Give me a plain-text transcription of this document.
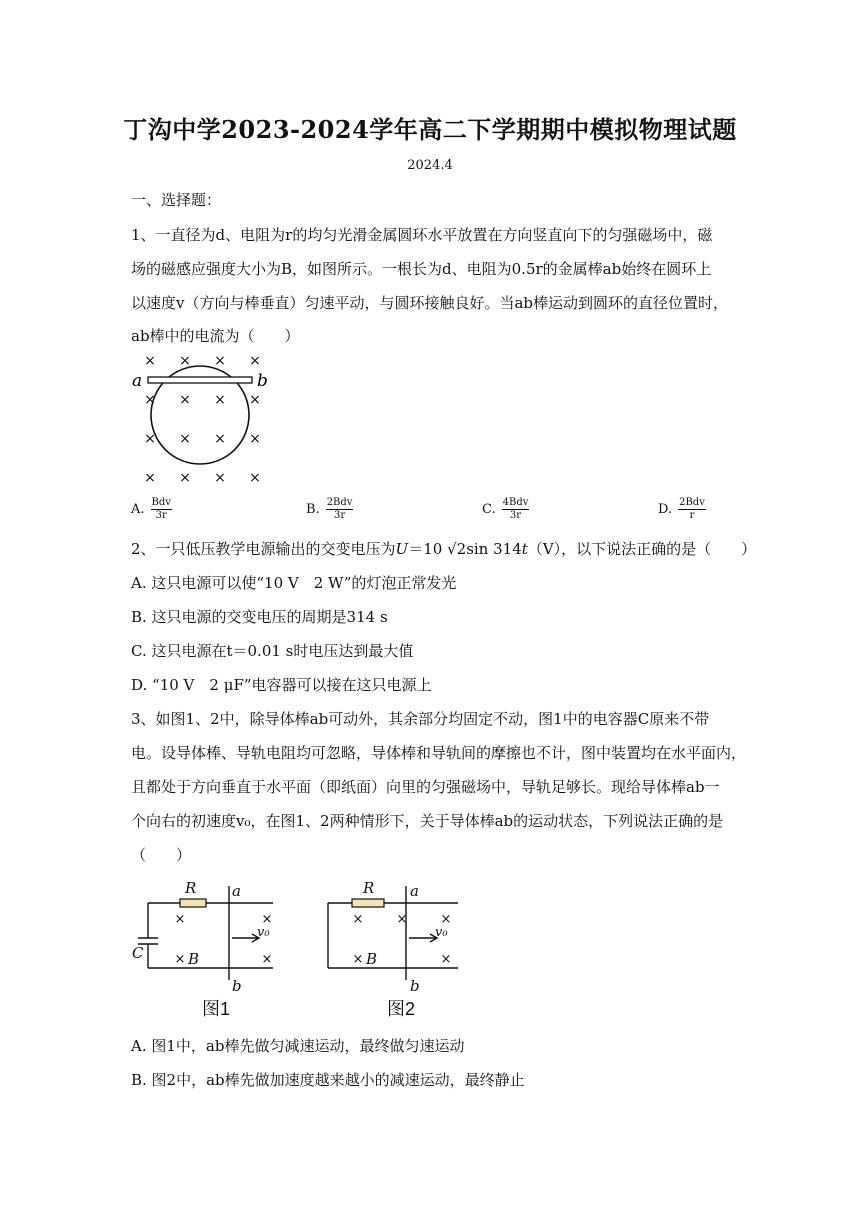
丁沟中学2023-2024学年高二下学期期中模拟物理试题
2024.4
一、选择题：
1、一直径为d、电阻为r的均匀光滑金属圆环水平放置在方向竖直向下的匀强磁场中，磁
场的磁感应强度大小为B，如图所示。一根长为d、电阻为0.5r的金属棒ab始终在圆环上
以速度v（方向与棒垂直）匀速平动，与圆环接触良好。当ab棒运动到圆环的直径位置时，
ab棒中的电流为（　　）
× × × ×
× × × ×
× × × ×
× × × ×
a	b
A. $\frac{\text{Bdv}}{3r}$	B. $\frac{\text{2Bdv}}{3r}$	C. $\frac{\text{4Bdv}}{3r}$	D. $\frac{\text{2Bdv}}{r}$
2、一只低压教学电源输出的交变电压为U＝10 √2sin 314t（V），以下说法正确的是（　　）
A. 这只电源可以使“10 V　2 W”的灯泡正常发光
B. 这只电源的交变电压的周期是314 s
C. 这只电源在t＝0.01 s时电压达到最大值
D. “10 V　2 μF”电容器可以接在这只电源上
3、如图1、2中，除导体棒ab可动外，其余部分均固定不动，图1中的电容器C原来不带
电。设导体棒、导轨电阻均可忽略，导体棒和导轨间的摩擦也不计，图中装置均在水平面内，
且都处于方向垂直于水平面（即纸面）向里的匀强磁场中，导轨足够长。现给导体棒ab一
个向右的初速度v₀，在图1、2两种情形下，关于导体棒ab的运动状态，下列说法正确的是
（　　）
×	×
×	×
R a
b
C	B
v₀
图1
×	×	×
×	×
R a
b
B
v₀
图2
A. 图1中，ab棒先做匀减速运动，最终做匀速运动
B. 图2中，ab棒先做加速度越来越小的减速运动，最终静止
